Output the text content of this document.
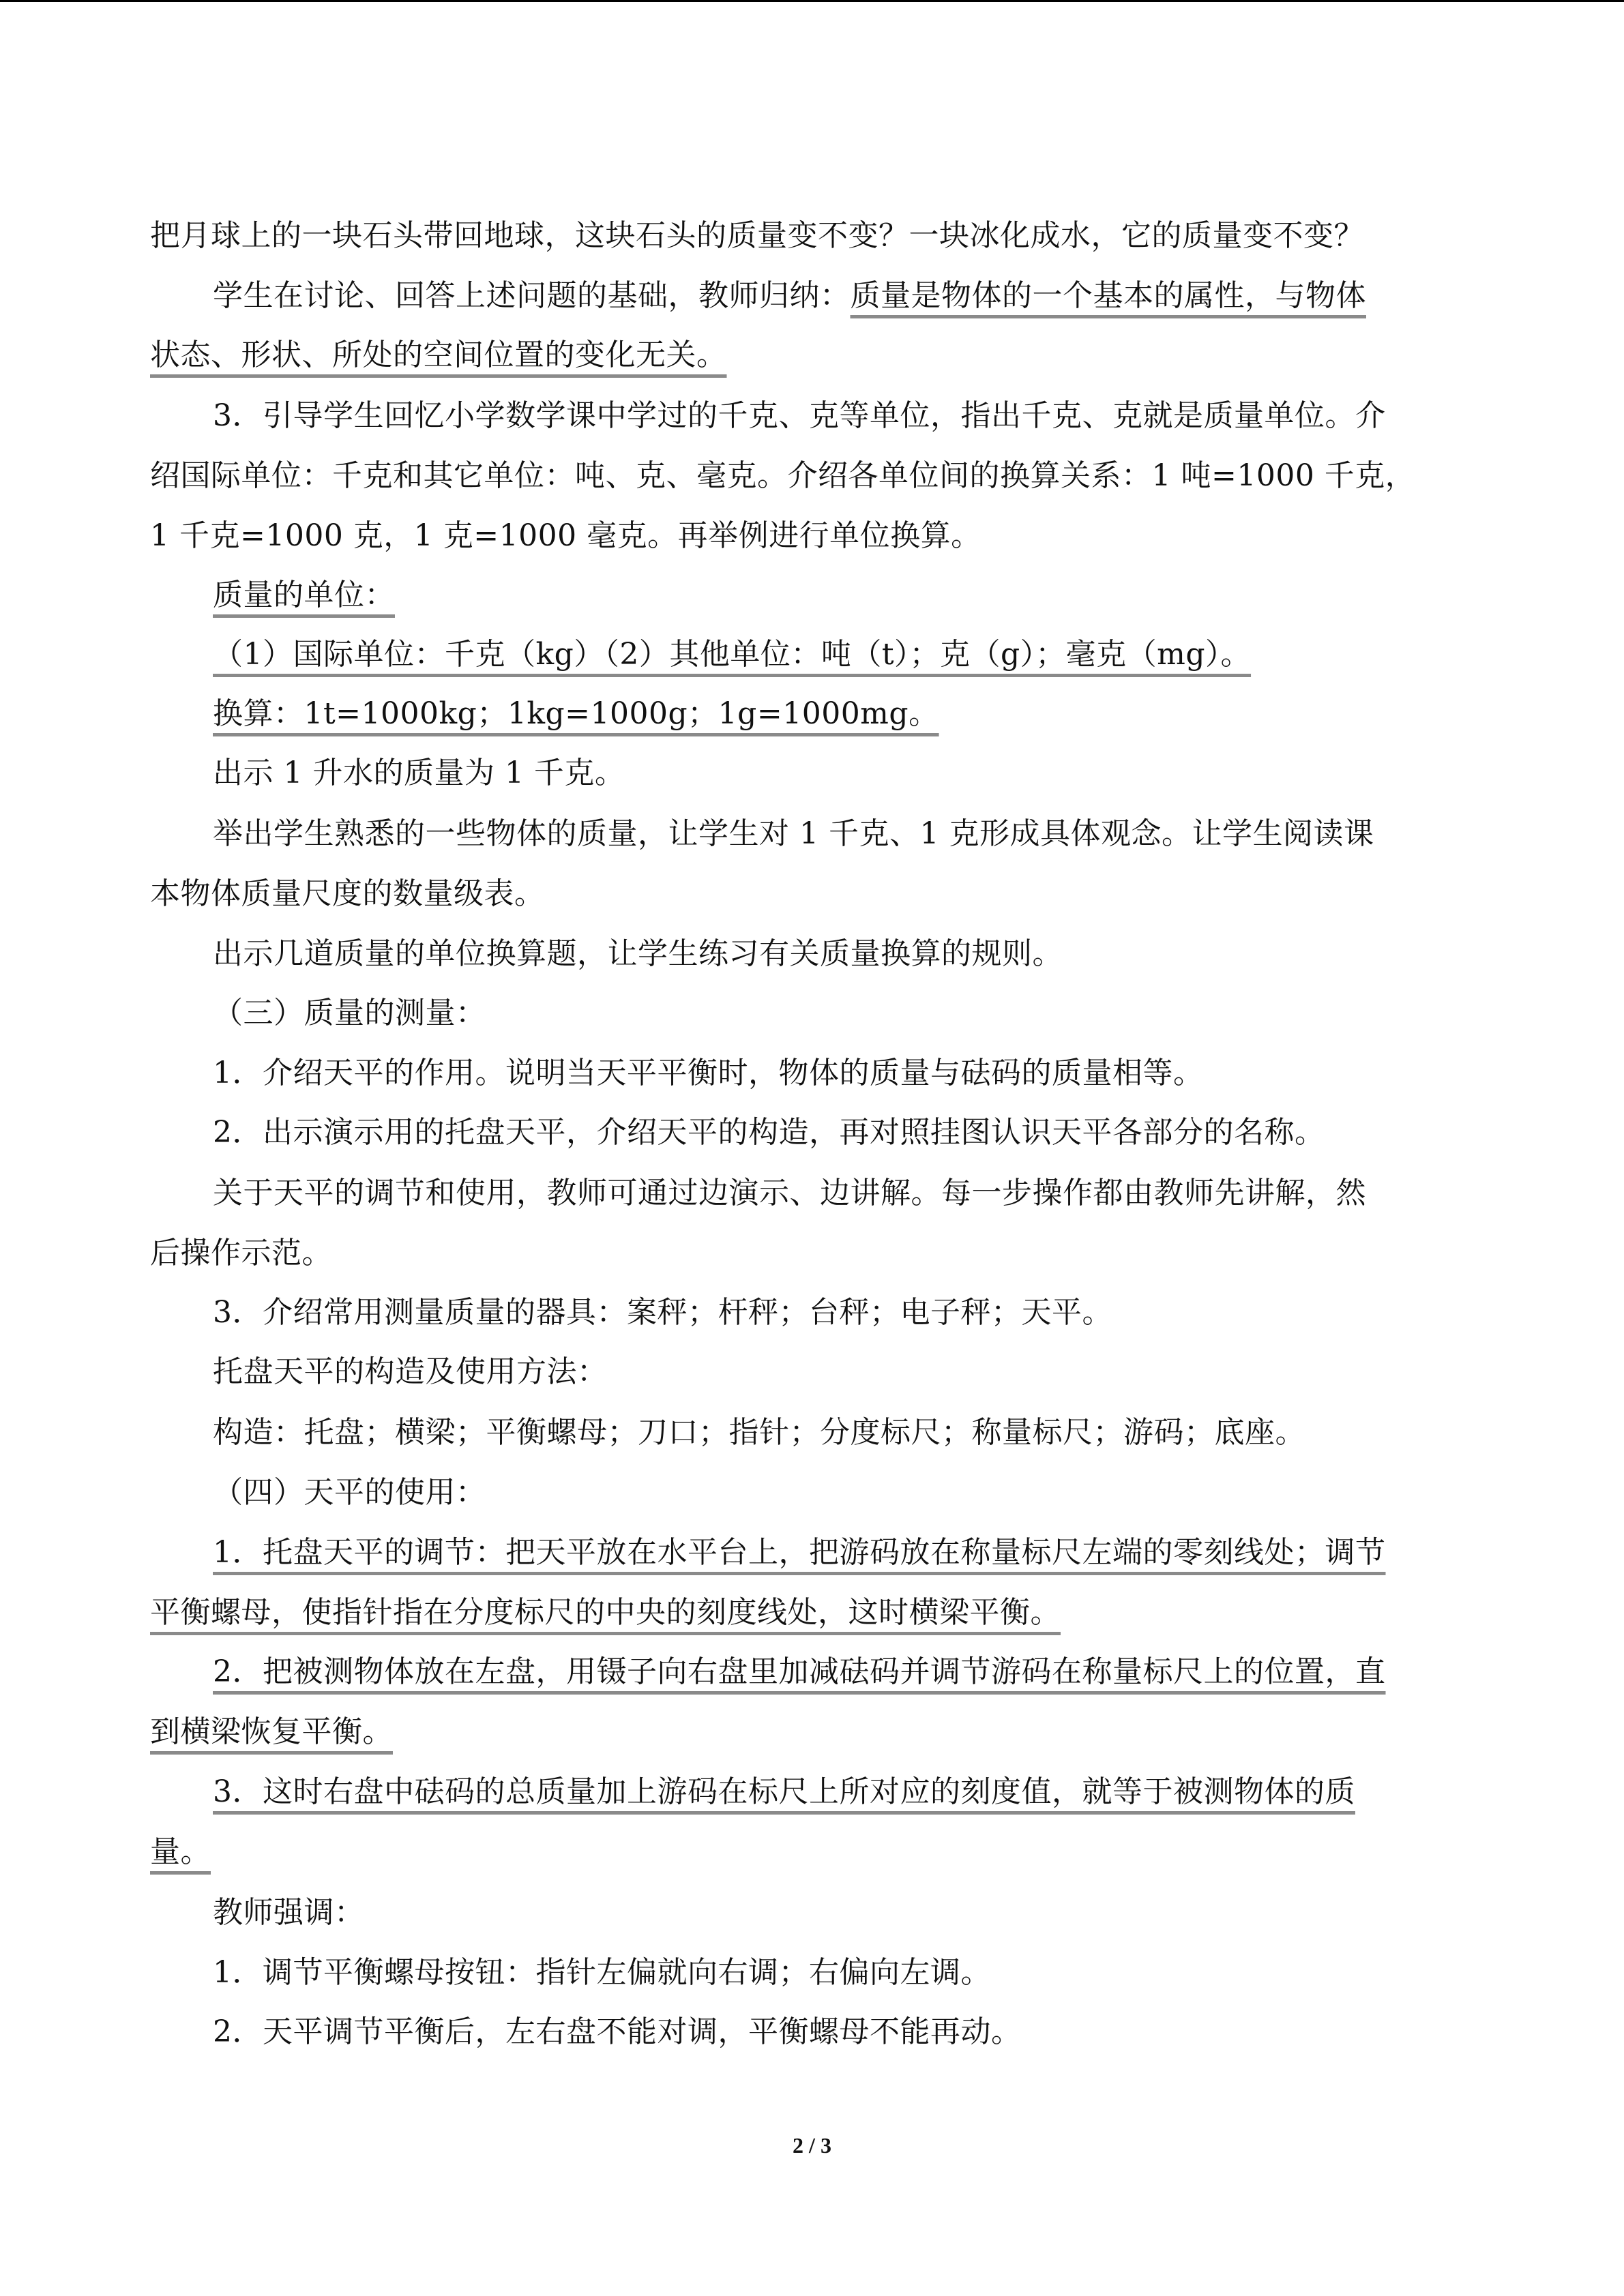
把月球上的一块石头带回地球，这块石头的质量变不变？一块冰化成水，它的质量变不变？
学生在讨论、回答上述问题的基础，教师归纳：质量是物体的一个基本的属性，与物体
状态、形状、所处的空间位置的变化无关。
3．引导学生回忆小学数学课中学过的千克、克等单位，指出千克、克就是质量单位。介
绍国际单位：千克和其它单位：吨、克、毫克。介绍各单位间的换算关系：1 吨=1000 千克，
1 千克=1000 克，1 克=1000 毫克。再举例进行单位换算。
质量的单位：
（1）国际单位：千克（kg）（2）其他单位：吨（t）；克（g）；毫克（mg）。
换算：1t=1000kg；1kg=1000g；1g=1000mg。
出示 1 升水的质量为 1 千克。
举出学生熟悉的一些物体的质量，让学生对 1 千克、1 克形成具体观念。让学生阅读课
本物体质量尺度的数量级表。
出示几道质量的单位换算题，让学生练习有关质量换算的规则。
（三）质量的测量：
1．介绍天平的作用。说明当天平平衡时，物体的质量与砝码的质量相等。
2．出示演示用的托盘天平，介绍天平的构造，再对照挂图认识天平各部分的名称。
关于天平的调节和使用，教师可通过边演示、边讲解。每一步操作都由教师先讲解，然
后操作示范。
3．介绍常用测量质量的器具：案秤；杆秤；台秤；电子秤；天平。
托盘天平的构造及使用方法：
构造：托盘；横梁；平衡螺母；刀口；指针；分度标尺；称量标尺；游码；底座。
（四）天平的使用：
1．托盘天平的调节：把天平放在水平台上，把游码放在称量标尺左端的零刻线处；调节
平衡螺母，使指针指在分度标尺的中央的刻度线处，这时横梁平衡。
2．把被测物体放在左盘，用镊子向右盘里加减砝码并调节游码在称量标尺上的位置，直
到横梁恢复平衡。
3．这时右盘中砝码的总质量加上游码在标尺上所对应的刻度值，就等于被测物体的质
量。
教师强调：
1．调节平衡螺母按钮：指针左偏就向右调；右偏向左调。
2．天平调节平衡后，左右盘不能对调，平衡螺母不能再动。
2 / 3
